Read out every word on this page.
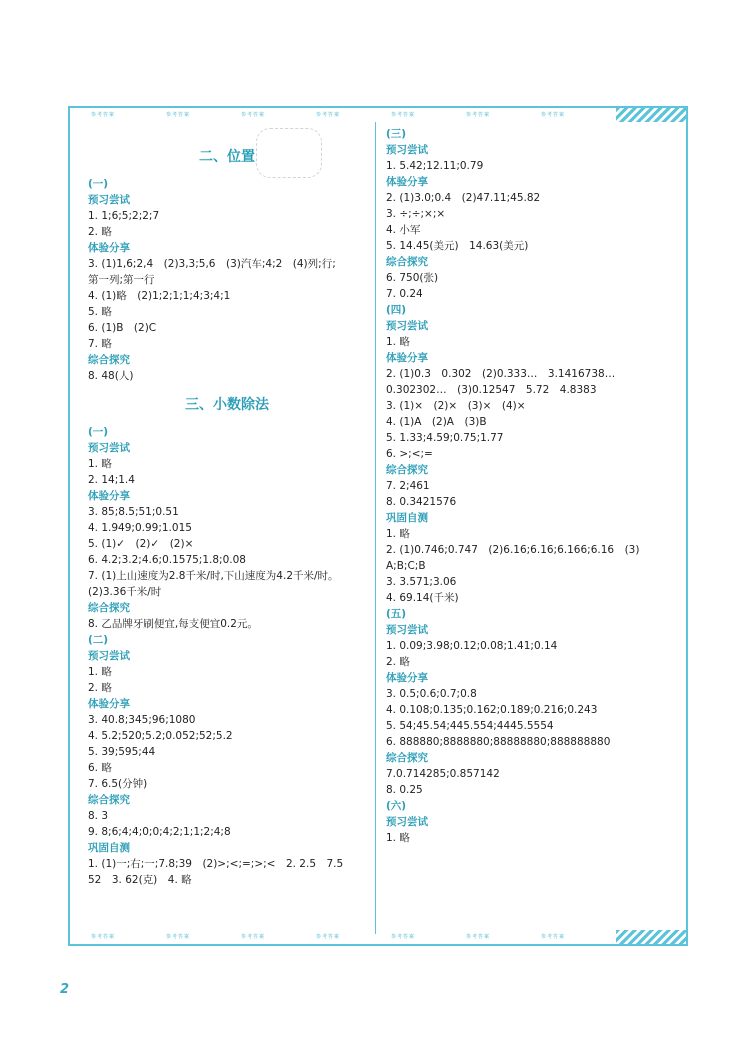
参考答案	参考答案	参考答案	参考答案	参考答案	参考答案	参考答案
二、位置
(一)
预习尝试
1. 1;6;5;2;2;7
2. 略
体验分享
3. (1)1,6;2,4　(2)3,3;5,6　(3)汽车;4;2　(4)列;行;
第一列;第一行
4. (1)略　(2)1;2;1;1;4;3;4;1
5. 略
6. (1)B　(2)C
7. 略
综合探究
8. 48(人)
三、小数除法
(一)
预习尝试
1. 略
2. 14;1.4
体验分享
3. 85;8.5;51;0.51
4. 1.949;0.99;1.015
5. (1)✓　(2)✓　(2)×
6. 4.2;3.2;4.6;0.1575;1.8;0.08
7. (1)上山速度为2.8千米/时,下山速度为4.2千米/时。
(2)3.36千米/时
综合探究
8. 乙品牌牙刷便宜,每支便宜0.2元。
(二)
预习尝试
1. 略
2. 略
体验分享
3. 40.8;345;96;1080
4. 5.2;520;5.2;0.052;52;5.2
5. 39;595;44
6. 略
7. 6.5(分钟)
综合探究
8. 3
9. 8;6;4;4;0;0;4;2;1;1;2;4;8
巩固自测
1. (1)一;右;一;7.8;39　(2)>;<;=;>;<　2. 2.5　7.5
52　3. 62(克)　4. 略
(三)
预习尝试
1. 5.42;12.11;0.79
体验分享
2. (1)3.0;0.4　(2)47.11;45.82
3. ÷;÷;×;×
4. 小军
5. 14.45(美元)　14.63(美元)
综合探究
6. 750(张)
7. 0.24
(四)
预习尝试
1. 略
体验分享
2. (1)0.3　0.302　(2)0.333…　3.1416738…
0.302302…　(3)0.12547　5.72　4.8383
3. (1)×　(2)×　(3)×　(4)×
4. (1)A　(2)A　(3)B
5. 1.33;4.59;0.75;1.77
6. >;<;=
综合探究
7. 2;461
8. 0.3421576
巩固自测
1. 略
2. (1)0.746;0.747　(2)6.16;6.16;6.166;6.16　(3)
A;B;C;B
3. 3.571;3.06
4. 69.14(千米)
(五)
预习尝试
1. 0.09;3.98;0.12;0.08;1.41;0.14
2. 略
体验分享
3. 0.5;0.6;0.7;0.8
4. 0.108;0.135;0.162;0.189;0.216;0.243
5. 54;45.54;445.554;4445.5554
6. 888880;8888880;88888880;888888880
综合探究
7.0.714285;0.857142
8. 0.25
(六)
预习尝试
1. 略
参考答案	参考答案	参考答案	参考答案	参考答案	参考答案	参考答案
2
